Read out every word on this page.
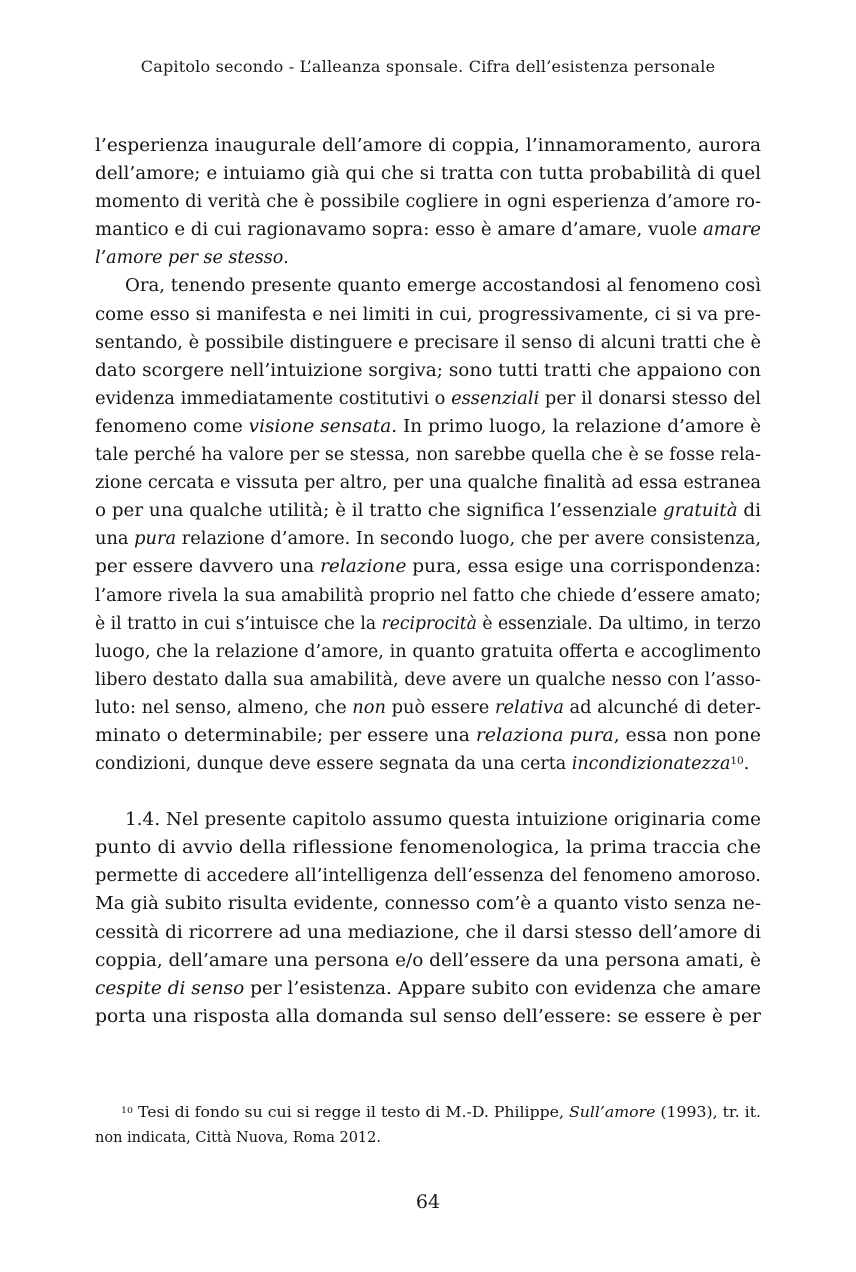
Capitolo secondo - L’alleanza sponsale. Cifra dell’esistenza personale
l’esperienza inaugurale dell’amore di coppia, l’innamoramento, aurora
dell’amore; e intuiamo già qui che si tratta con tutta probabilità di quel
momento di verità che è possibile cogliere in ogni esperienza d’amore ro-
mantico e di cui ragionavamo sopra: esso è amare d’amare, vuole amare
l’amore per se stesso.
Ora, tenendo presente quanto emerge accostandosi al fenomeno così
come esso si manifesta e nei limiti in cui, progressivamente, ci si va pre-
sentando, è possibile distinguere e precisare il senso di alcuni tratti che è
dato scorgere nell’intuizione sorgiva; sono tutti tratti che appaiono con
evidenza immediatamente costitutivi o essenziali per il donarsi stesso del
fenomeno come visione sensata. In primo luogo, la relazione d’amore è
tale perché ha valore per se stessa, non sarebbe quella che è se fosse rela-
zione cercata e vissuta per altro, per una qualche finalità ad essa estranea
o per una qualche utilità; è il tratto che significa l’essenziale gratuità di
una pura relazione d’amore. In secondo luogo, che per avere consistenza,
per essere davvero una relazione pura, essa esige una corrispondenza:
l’amore rivela la sua amabilità proprio nel fatto che chiede d’essere amato;
è il tratto in cui s’intuisce che la reciprocità è essenziale. Da ultimo, in terzo
luogo, che la relazione d’amore, in quanto gratuita offerta e accoglimento
libero destato dalla sua amabilità, deve avere un qualche nesso con l’asso-
luto: nel senso, almeno, che non può essere relativa ad alcunché di deter-
minato o determinabile; per essere una relaziona pura, essa non pone
condizioni, dunque deve essere segnata da una certa incondizionatezza$^{10}$.
1.4. Nel presente capitolo assumo questa intuizione originaria come
punto di avvio della riflessione fenomenologica, la prima traccia che
permette di accedere all’intelligenza dell’essenza del fenomeno amoroso.
Ma già subito risulta evidente, connesso com’è a quanto visto senza ne-
cessità di ricorrere ad una mediazione, che il darsi stesso dell’amore di
coppia, dell’amare una persona e/o dell’essere da una persona amati, è
cespite di senso per l’esistenza. Appare subito con evidenza che amare
porta una risposta alla domanda sul senso dell’essere: se essere è per
$^{10}$ Tesi di fondo su cui si regge il testo di M.-D. Philippe, Sull’amore (1993), tr. it.
non indicata, Città Nuova, Roma 2012.
64
